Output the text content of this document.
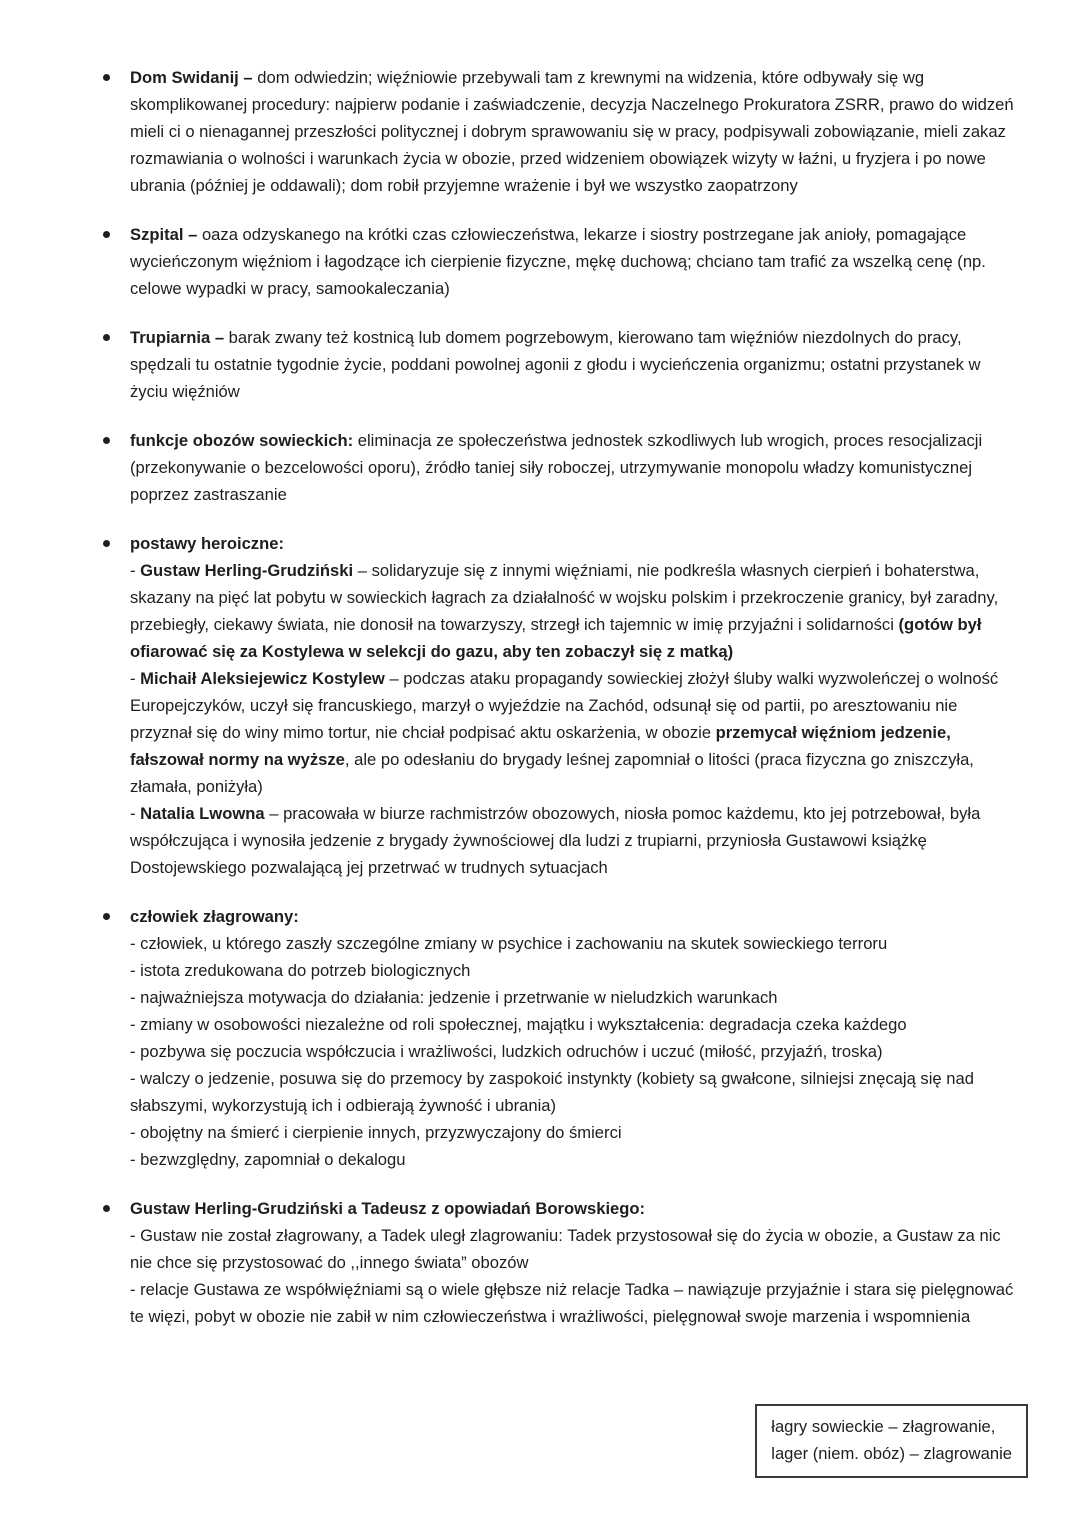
Dom Swidanij – dom odwiedzin; więźniowie przebywali tam z krewnymi na widzenia, które odbywały się wg skomplikowanej procedury: najpierw podanie i zaświadczenie, decyzja Naczelnego Prokuratora ZSRR, prawo do widzeń mieli ci o nienagannej przeszłości politycznej i dobrym sprawowaniu się w pracy, podpisywali zobowiązanie, mieli zakaz rozmawiania o wolności i warunkach życia w obozie, przed widzeniem obowiązek wizyty w łaźni, u fryzjera i po nowe ubrania (później je oddawali); dom robił przyjemne wrażenie i był we wszystko zaopatrzony
Szpital – oaza odzyskanego na krótki czas człowieczeństwa, lekarze i siostry postrzegane jak anioły, pomagające wycieńczonym więźniom i łagodzące ich cierpienie fizyczne, mękę duchową; chciano tam trafić za wszelką cenę (np. celowe wypadki w pracy, samookaleczania)
Trupiarnia – barak zwany też kostnicą lub domem pogrzebowym, kierowano tam więźniów niezdolnych do pracy, spędzali tu ostatnie tygodnie życie, poddani powolnej agonii z głodu i wycieńczenia organizmu; ostatni przystanek w życiu więźniów
funkcje obozów sowieckich: eliminacja ze społeczeństwa jednostek szkodliwych lub wrogich, proces resocjalizacji (przekonywanie o bezcelowości oporu), źródło taniej siły roboczej, utrzymywanie monopolu władzy komunistycznej poprzez zastraszanie
postawy heroiczne:
- Gustaw Herling-Grudziński – solidaryzuje się z innymi więźniami, nie podkreśla własnych cierpień i bohaterstwa, skazany na pięć lat pobytu w sowieckich łagrach za działalność w wojsku polskim i przekroczenie granicy, był zaradny, przebiegły, ciekawy świata, nie donosił na towarzyszy, strzegł ich tajemnic w imię przyjaźni i solidarności (gotów był ofiarować się za Kostylewa w selekcji do gazu, aby ten zobaczył się z matką)
- Michaił Aleksiejewicz Kostylew – podczas ataku propagandy sowieckiej złożył śluby walki wyzwoleńczej o wolność Europejczyków, uczył się francuskiego, marzył o wyjeździe na Zachód, odsunął się od partii, po aresztowaniu nie przyznał się do winy mimo tortur, nie chciał podpisać aktu oskarżenia, w obozie przemycał więźniom jedzenie, fałszował normy na wyższe, ale po odesłaniu do brygady leśnej zapomniał o litości (praca fizyczna go zniszczyła, złamała, poniżyła)
- Natalia Lwowna – pracowała w biurze rachmistrzów obozowych, niosła pomoc każdemu, kto jej potrzebował, była współczująca i wynosiła jedzenie z brygady żywnościowej dla ludzi z trupiarni, przyniosła Gustawowi książkę Dostojewskiego pozwalającą jej przetrwać w trudnych sytuacjach
człowiek złagrowany:
- człowiek, u którego zaszły szczególne zmiany w psychice i zachowaniu na skutek sowieckiego terroru
- istota zredukowana do potrzeb biologicznych
- najważniejsza motywacja do działania: jedzenie i przetrwanie w nieludzkich warunkach
- zmiany w osobowości niezależne od roli społecznej, majątku i wykształcenia: degradacja czeka każdego
- pozbywa się poczucia współczucia i wrażliwości, ludzkich odruchów i uczuć (miłość, przyjaźń, troska)
- walczy o jedzenie, posuwa się do przemocy by zaspokoić instynkty (kobiety są gwałcone, silniejsi znęcają się nad słabszymi, wykorzystują ich i odbierają żywność i ubrania)
- obojętny na śmierć i cierpienie innych, przyzwyczajony do śmierci
- bezwzględny, zapomniał o dekalogu
Gustaw Herling-Grudziński a Tadeusz z opowiadań Borowskiego:
- Gustaw nie został złagrowany, a Tadek uległ zlagrowaniu: Tadek przystosował się do życia w obozie, a Gustaw za nic nie chce się przystosować do ,,innego świata” obozów
- relacje Gustawa ze współwięźniami są o wiele głębsze niż relacje Tadka – nawiązuje przyjaźnie i stara się pielęgnować te więzi, pobyt w obozie nie zabił w nim człowieczeństwa i wrażliwości, pielęgnował swoje marzenia i wspomnienia
łagry sowieckie – złagrowanie,
lager (niem. obóz) – zlagrowanie
